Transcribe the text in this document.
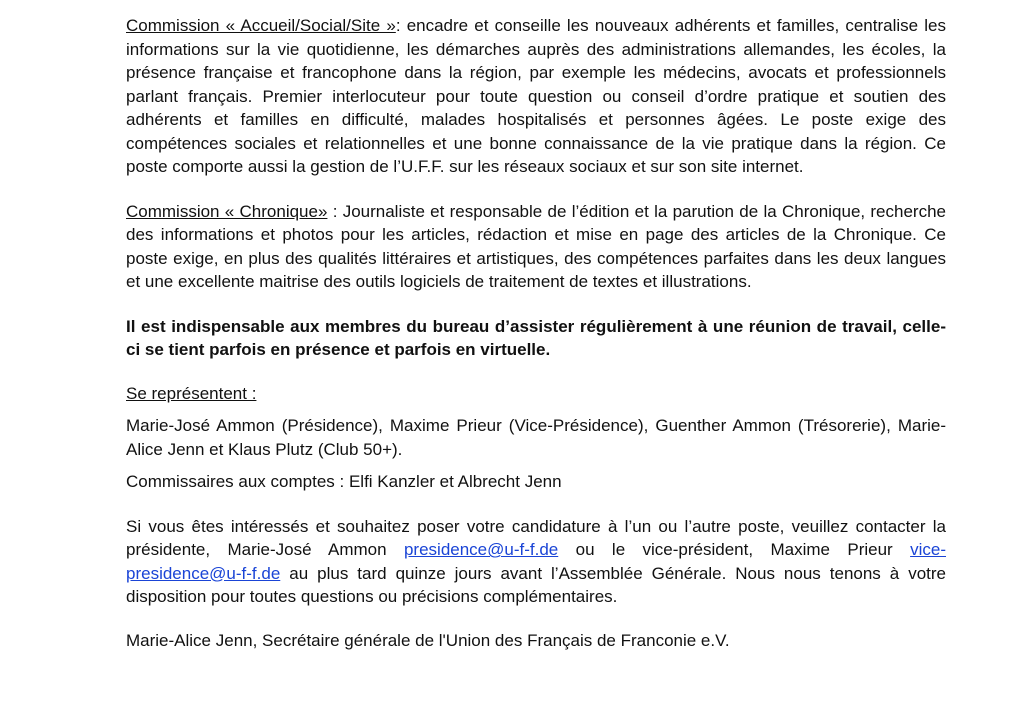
Commission « Accueil/Social/Site »: encadre et conseille les nouveaux adhérents et familles, centralise les informations sur la vie quotidienne, les démarches auprès des administrations allemandes, les écoles, la présence française et francophone dans la région, par exemple les médecins, avocats et professionnels parlant français. Premier interlocuteur pour toute question ou conseil d’ordre pratique et soutien des adhérents et familles en difficulté, malades hospitalisés et personnes âgées. Le poste exige des compétences sociales et relationnelles et une bonne connaissance de la vie pratique dans la région. Ce poste comporte aussi la gestion de l’U.F.F. sur les réseaux sociaux et sur son site internet.

Commission « Chronique» : Journaliste et responsable de l’édition et la parution de la Chronique, recherche des informations et photos pour les articles, rédaction et mise en page des articles de la Chronique. Ce poste exige, en plus des qualités littéraires et artistiques, des compétences parfaites dans les deux langues et une excellente maitrise des outils logiciels de traitement de textes et illustrations.

Il est indispensable aux membres du bureau d’assister régulièrement à une réunion de travail, celle-ci se tient parfois en présence et parfois en virtuelle.

Se représentent :

Marie-José Ammon (Présidence), Maxime Prieur (Vice-Présidence), Guenther Ammon (Trésorerie), Marie-Alice Jenn et Klaus Plutz (Club 50+).

Commissaires aux comptes : Elfi Kanzler et Albrecht Jenn

Si vous êtes intéressés et souhaitez poser votre candidature à l’un ou l’autre poste, veuillez contacter la présidente, Marie-José Ammon presidence@u-f-f.de ou le vice-président, Maxime Prieur vice-presidence@u-f-f.de au plus tard quinze jours avant l’Assemblée Générale. Nous nous tenons à votre disposition pour toutes questions ou précisions complémentaires.

Marie-Alice Jenn, Secrétaire générale de l'Union des Français de Franconie e.V.
